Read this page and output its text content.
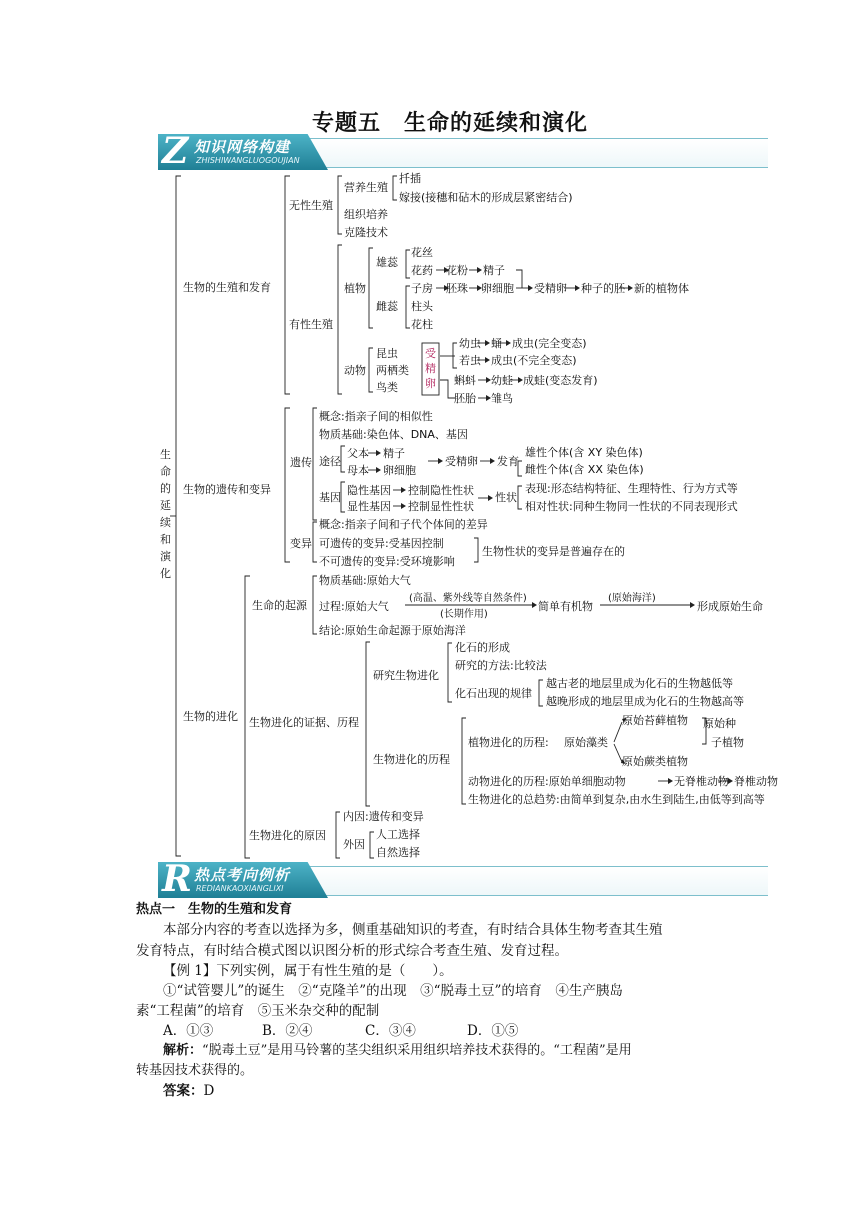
专题五　生命的延续和演化
Z 知识网络构建
ZHISHIWANGLUOGOUJIAN
生
命
的
延
续
和
演
化
生物的生殖和发育
无性生殖
营养生殖
扦插
嫁接(接穗和砧木的形成层紧密结合)
组织培养
克隆技术
有性生殖
植物
雄蕊
雌蕊
花丝
花药 花粉 精子
子房 胚珠 卵细胞 受精卵 种子的胚 新的植物体
柱头
花柱
动物
昆虫
两栖类
鸟类
受
精
卵
幼虫 蛹 成虫(完全变态)
若虫 成虫(不完全变态)
蝌蚪 幼蛙 成蛙(变态发育)
胚胎 雏鸟
生物的遗传和变异
遗传
概念:指亲子间的相似性
物质基础:染色体、DNA、基因
途径
父本 精子
母本 卵细胞
受精卵 发育
雄性个体(含 XY 染色体)
雌性个体(含 XX 染色体)
基因
隐性基因 控制隐性性状
显性基因 控制显性性状
性状
表现:形态结构特征、生理特性、行为方式等
相对性状:同种生物同一性状的不同表现形式
变异
概念:指亲子间和子代个体间的差异
可遗传的变异:受基因控制
不可遗传的变异:受环境影响
生物性状的变异是普遍存在的
生物的进化
生命的起源
物质基础:原始大气
过程:原始大气
(高温、紫外线等自然条件)
(长期作用)
简单有机物
(原始海洋)
形成原始生命
结论:原始生命起源于原始海洋
生物进化的证据、历程
研究生物进化
化石的形成
研究的方法:比较法
化石出现的规律
越古老的地层里成为化石的生物越低等
越晚形成的地层里成为化石的生物越高等
生物进化的历程
植物进化的历程: 原始藻类
原始苔藓植物
原始蕨类植物
原始种
子植物
动物进化的历程:原始单细胞动物	无脊椎动物 脊椎动物
生物进化的总趋势:由简单到复杂,由水生到陆生,由低等到高等
生物进化的原因
内因:遗传和变异
外因
人工选择
自然选择
R 热点考向例析
REDIANKAOXIANGLIXI
热点一　生物的生殖和发育
本部分内容的考查以选择为多，侧重基础知识的考查，有时结合具体生物考查其生殖
发育特点，有时结合模式图以识图分析的形式综合考查生殖、发育过程。
【例 1】下列实例，属于有性生殖的是（　　）。
①“试管婴儿”的诞生　②“克隆羊”的出现　③“脱毒土豆”的培育　④生产胰岛
素“工程菌”的培育　⑤玉米杂交种的配制
A．①③	B．②④	C．③④	D．①⑤
解析：“脱毒土豆”是用马铃薯的茎尖组织采用组织培养技术获得的。“工程菌”是用
转基因技术获得的。
答案：D
